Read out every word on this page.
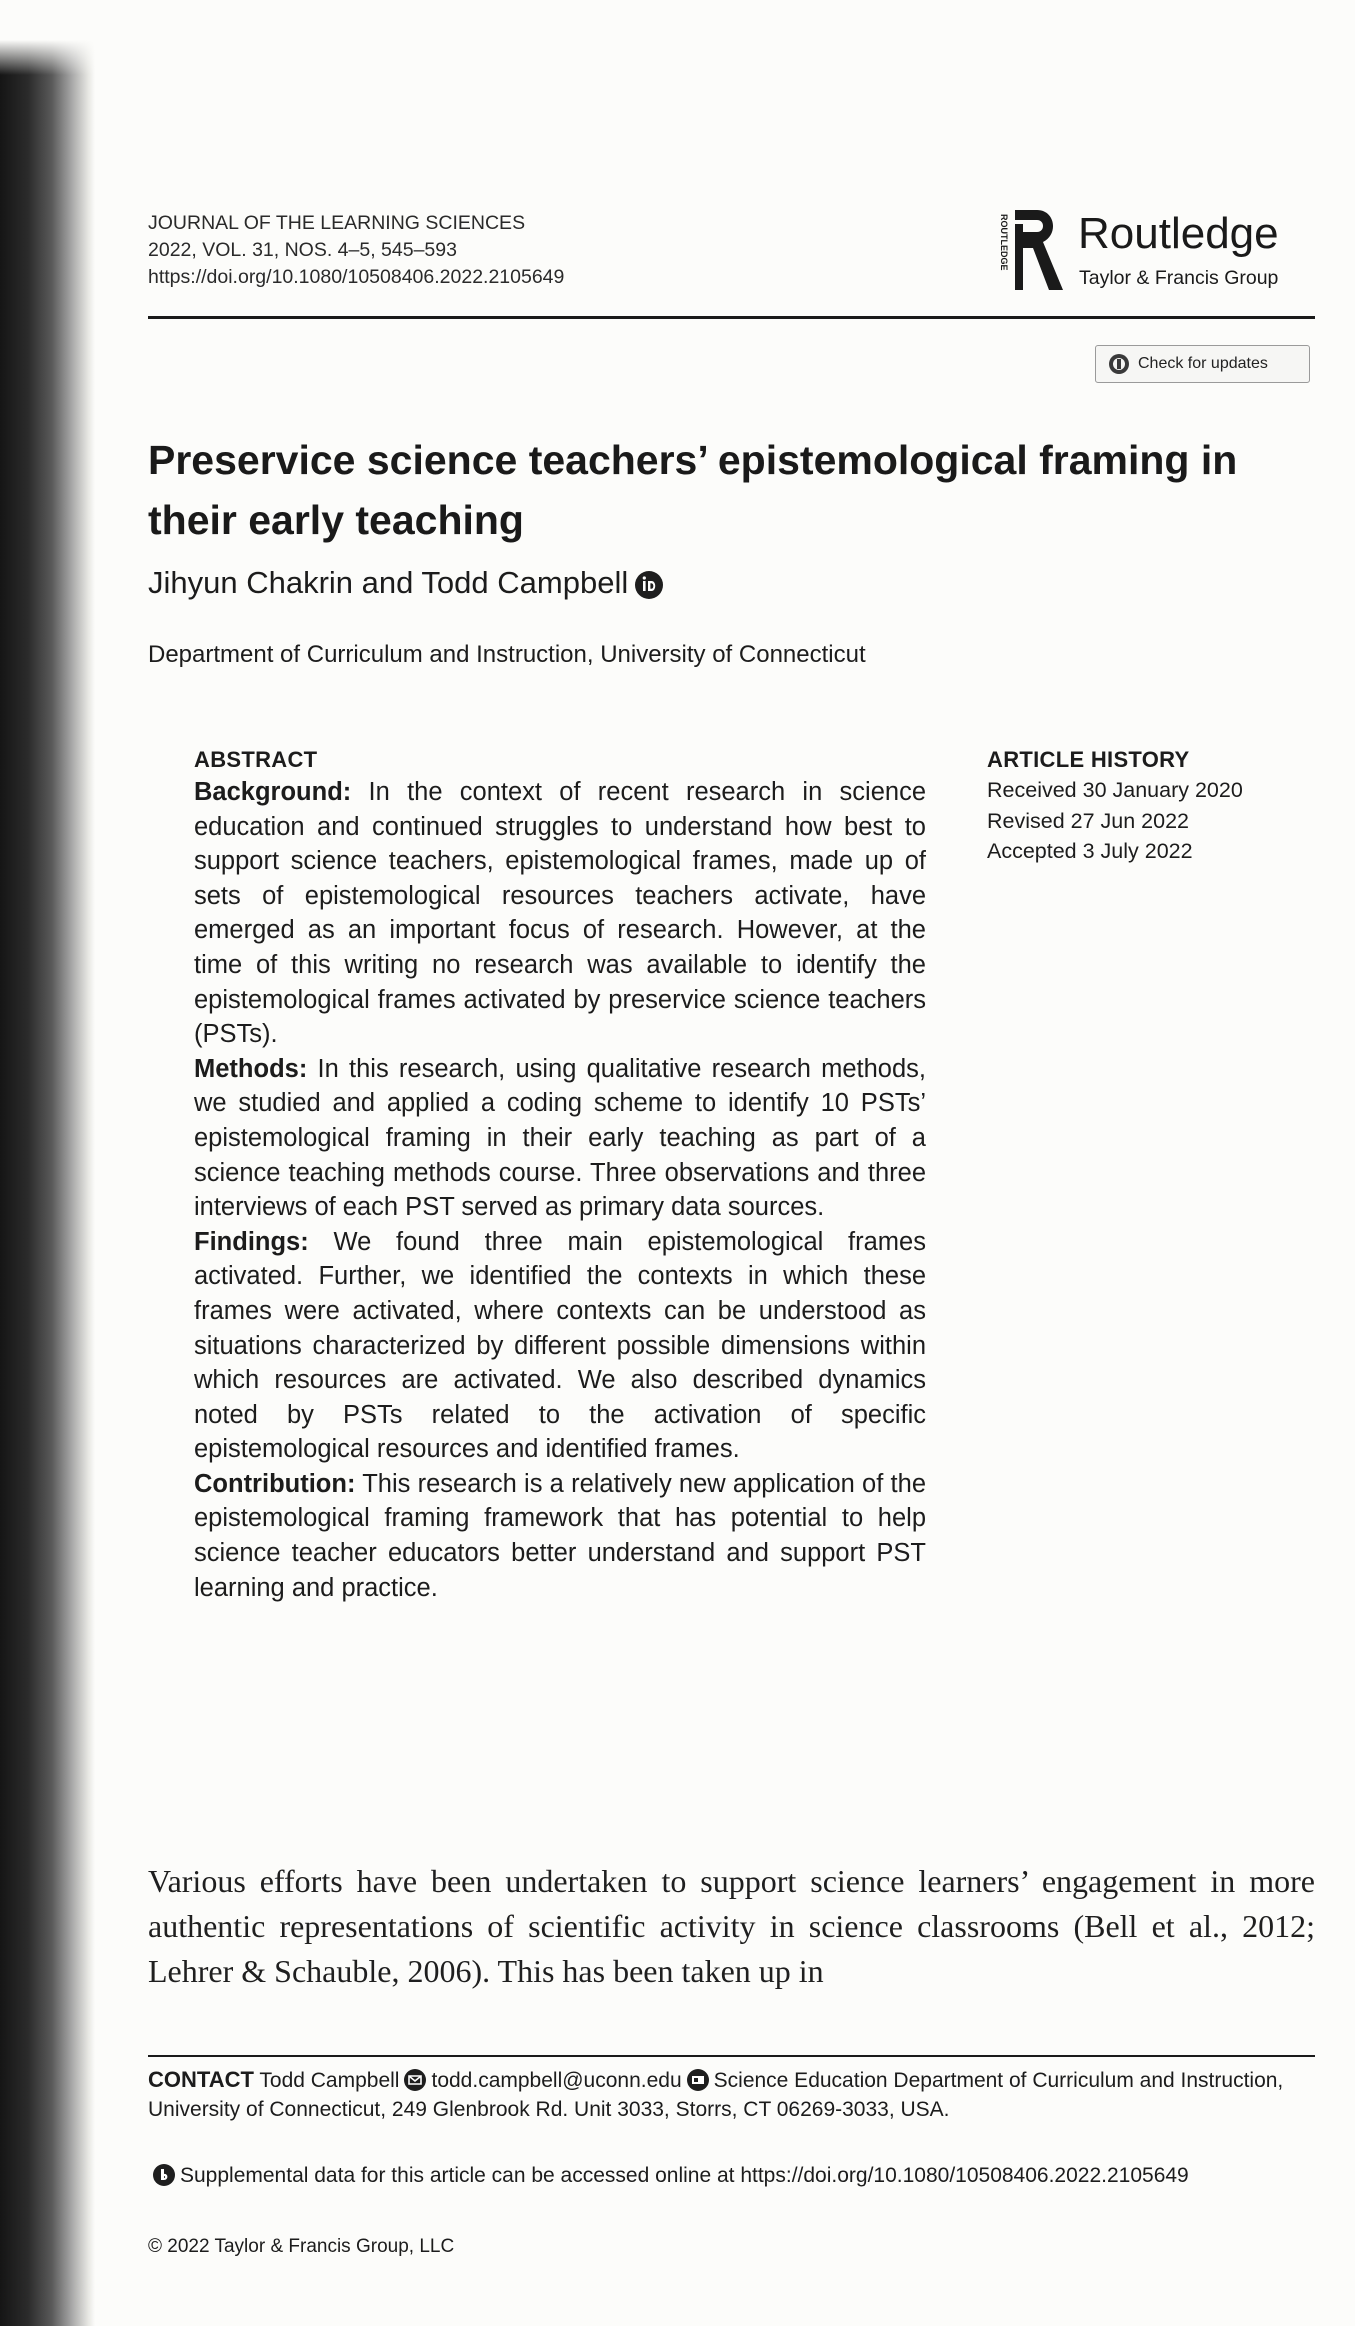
JOURNAL OF THE LEARNING SCIENCES
2022, VOL. 31, NOS. 4–5, 545–593
https://doi.org/10.1080/10508406.2022.2105649
ROUTLEDGE Routledge
Taylor & Francis Group
Check for updates
Preservice science teachers’ epistemological framing in their early teaching
Jihyun Chakrin and Todd Campbell
Department of Curriculum and Instruction, University of Connecticut
ABSTRACT

Background: In the context of recent research in science education and continued struggles to understand how best to support science teachers, epistemological frames, made up of sets of epistemological resources teachers activate, have emerged as an important focus of research. However, at the time of this writing no research was available to identify the epistemological frames activated by preservice science teachers (PSTs).

Methods: In this research, using qualitative research methods, we studied and applied a coding scheme to identify 10 PSTs’ epistemological framing in their early teaching as part of a science teaching methods course. Three observations and three interviews of each PST served as primary data sources.

Findings: We found three main epistemological frames activated. Further, we identified the contexts in which these frames were activated, where contexts can be understood as situations characterized by different possible dimensions within which resources are activated. We also described dynamics noted by PSTs related to the activation of specific epistemological resources and identified frames.

Contribution: This research is a relatively new application of the epistemological framing framework that has potential to help science teacher educators better understand and support PST learning and practice.

ARTICLE HISTORY
Received 30 January 2020
Revised 27 Jun 2022
Accepted 3 July 2022
Various efforts have been undertaken to support science learners’ engagement in more authentic representations of scientific activity in science classrooms (Bell et al., 2012; Lehrer & Schauble, 2006). This has been taken up in
CONTACT Todd Campbell todd.campbell@uconn.edu Science Education Department of Curriculum and Instruction, University of Connecticut, 249 Glenbrook Rd. Unit 3033, Storrs, CT 06269-3033, USA.
Supplemental data for this article can be accessed online at https://doi.org/10.1080/10508406.2022.2105649
© 2022 Taylor & Francis Group, LLC
